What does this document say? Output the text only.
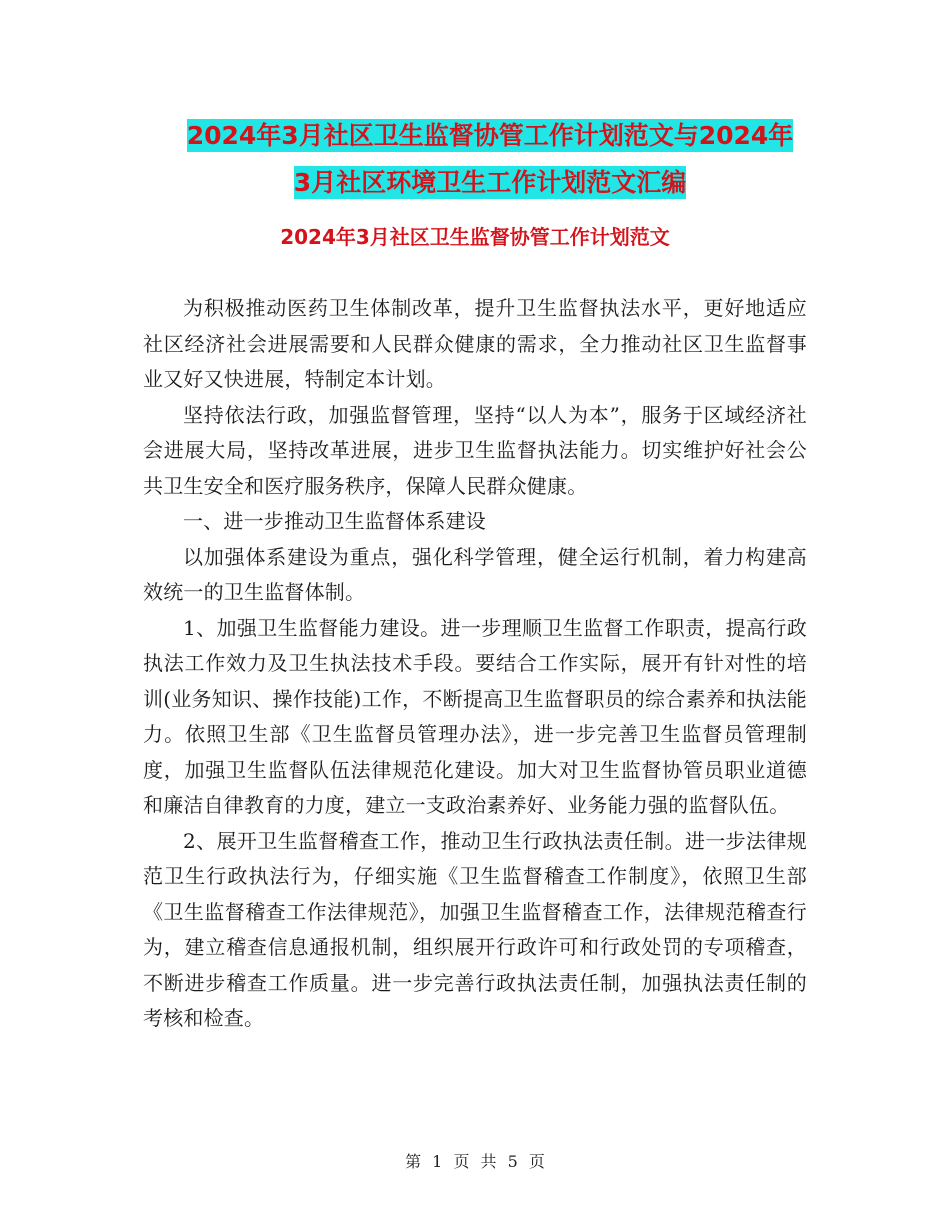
2024年3月社区卫生监督协管工作计划范文与2024年
3月社区环境卫生工作计划范文汇编
2024年3月社区卫生监督协管工作计划范文

为积极推动医药卫生体制改革，提升卫生监督执法水平，更好地适应社区经济社会进展需要和人民群众健康的需求，全力推动社区卫生监督事业又好又快进展，特制定本计划。

坚持依法行政，加强监督管理，坚持“以人为本”，服务于区域经济社会进展大局，坚持改革进展，进步卫生监督执法能力。切实维护好社会公共卫生安全和医疗服务秩序，保障人民群众健康。

一、进一步推动卫生监督体系建设

以加强体系建设为重点，强化科学管理，健全运行机制，着力构建高效统一的卫生监督体制。

1、加强卫生监督能力建设。进一步理顺卫生监督工作职责，提高行政执法工作效力及卫生执法技术手段。要结合工作实际，展开有针对性的培训(业务知识、操作技能)工作，不断提高卫生监督职员的综合素养和执法能力。依照卫生部《卫生监督员管理办法》，进一步完善卫生监督员管理制度，加强卫生监督队伍法律规范化建设。加大对卫生监督协管员职业道德和廉洁自律教育的力度，建立一支政治素养好、业务能力强的监督队伍。

2、展开卫生监督稽查工作，推动卫生行政执法责任制。进一步法律规范卫生行政执法行为，仔细实施《卫生监督稽查工作制度》，依照卫生部《卫生监督稽查工作法律规范》，加强卫生监督稽查工作，法律规范稽查行为，建立稽查信息通报机制，组织展开行政许可和行政处罚的专项稽查，不断进步稽查工作质量。进一步完善行政执法责任制，加强执法责任制的考核和检查。

第 1 页 共 5 页
